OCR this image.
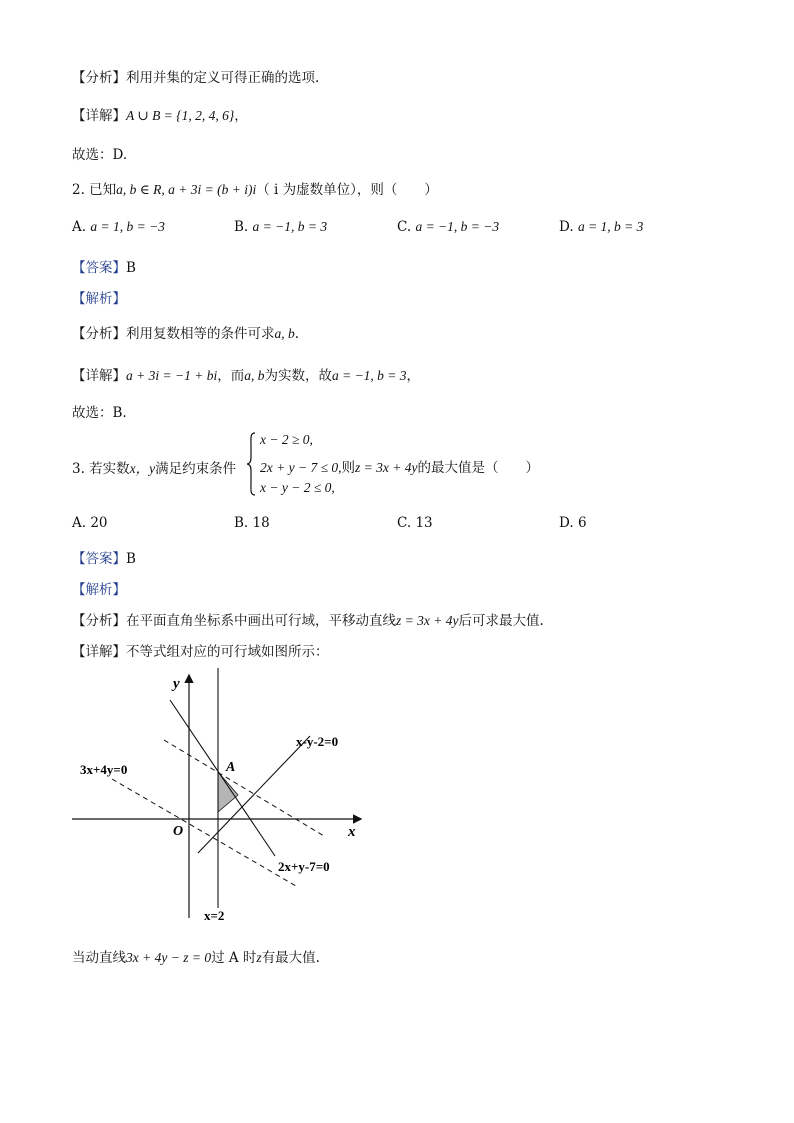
【分析】利用并集的定义可得正确的选项.
【详解】A ∪ B = {1, 2, 4, 6}，
故选：D.
2. 已知a, b ∈ R, a + 3i = (b + i)i（ i 为虚数单位），则（　　）
A. a = 1, b = −3	B. a = −1, b = 3	C. a = −1, b = −3	D. a = 1, b = 3
【答案】B
【解析】
【分析】利用复数相等的条件可求a, b.
【详解】a + 3i = −1 + bi，而a, b为实数，故a = −1, b = 3，
故选：B.
3. 若实数x，y满足约束条件
x − 2 ≥ 0,
2x + y − 7 ≤ 0,则z = 3x + 4y的最大值是（　　）
x − y − 2 ≤ 0,
A. 20	B. 18	C. 13	D. 6
【答案】B
【解析】
【分析】在平面直角坐标系中画出可行域，平移动直线z = 3x + 4y后可求最大值.
【详解】不等式组对应的可行域如图所示：
y
x
O
A
x-y-2=0
3x+4y=0
2x+y-7=0
x=2
当动直线3x + 4y − z = 0过 A 时z有最大值.
